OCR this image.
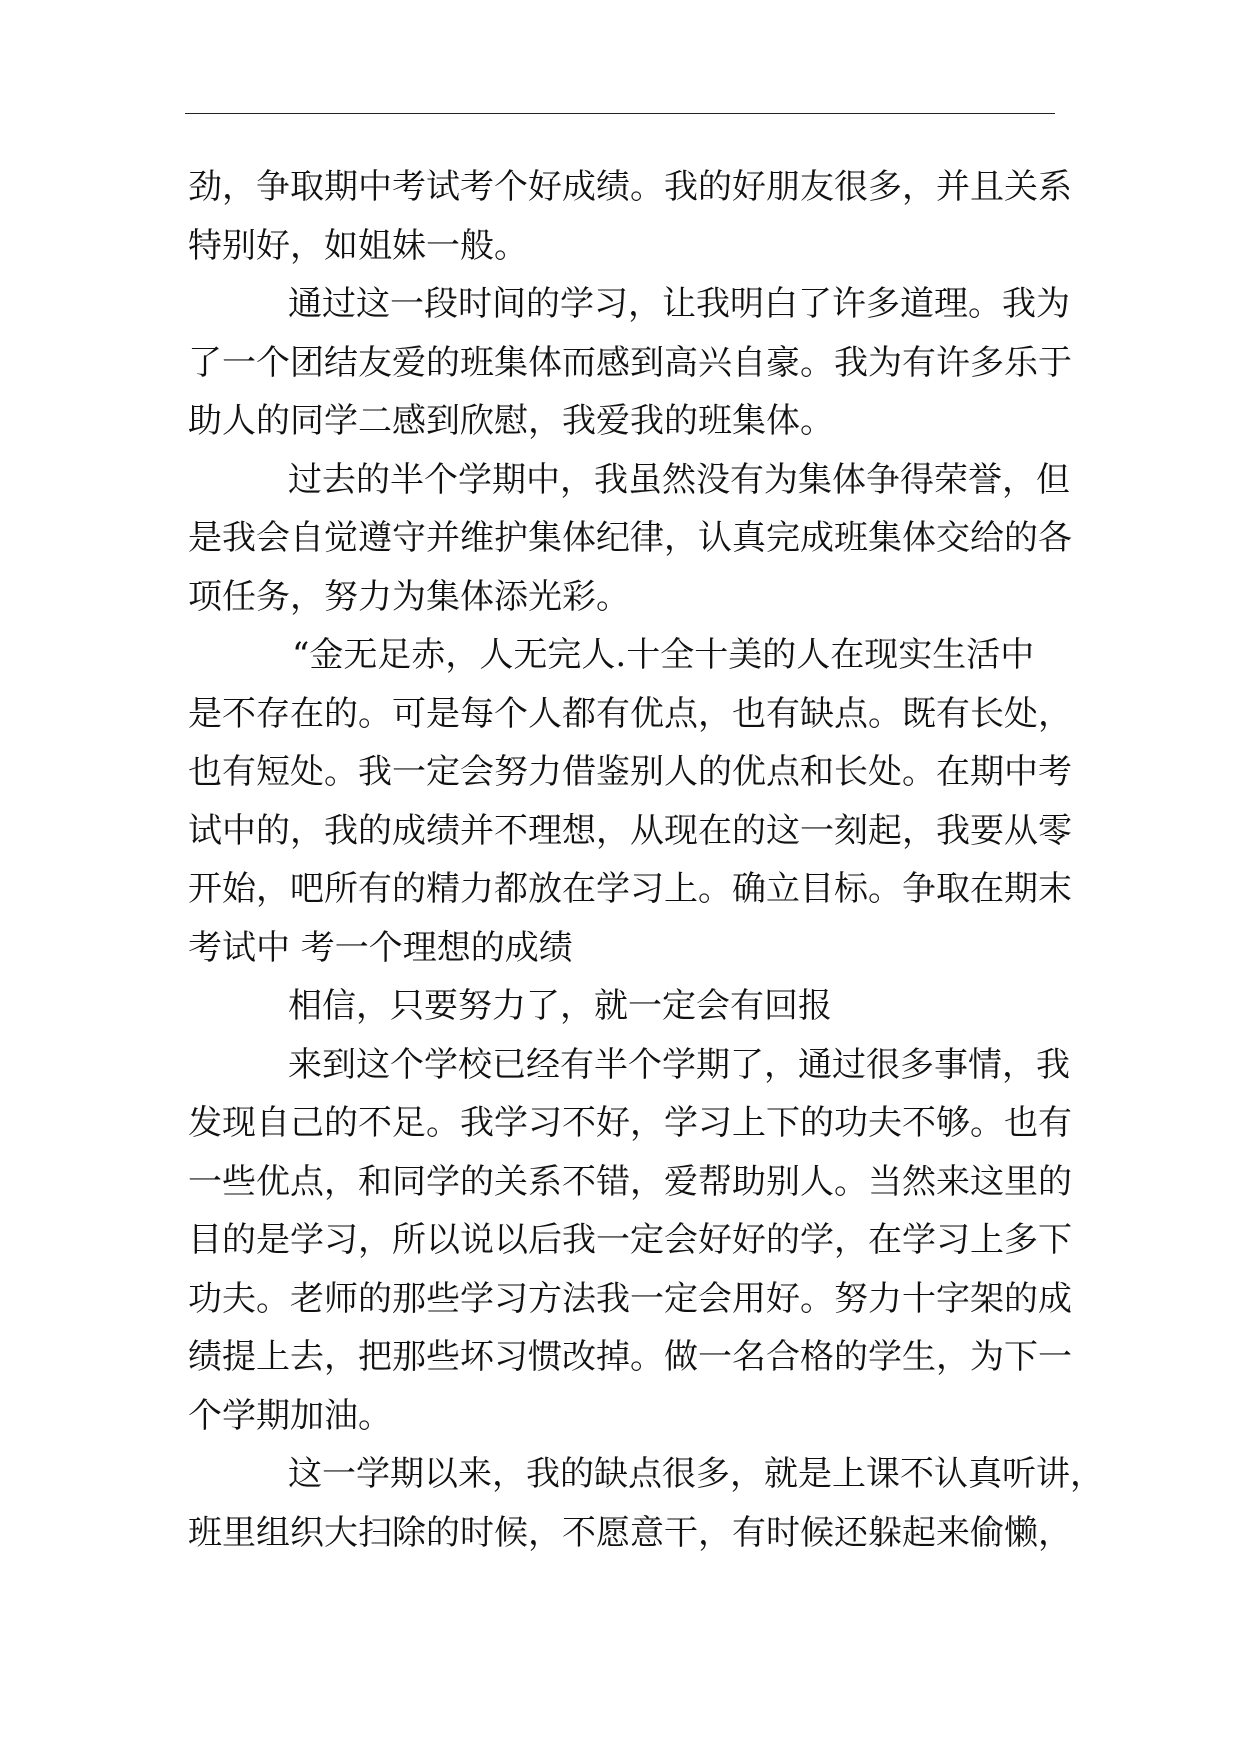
劲，争取期中考试考个好成绩。我的好朋友很多，并且关系
特别好，如姐妹一般。
通过这一段时间的学习，让我明白了许多道理。我为
了一个团结友爱的班集体而感到高兴自豪。我为有许多乐于
助人的同学二感到欣慰，我爱我的班集体。
过去的半个学期中，我虽然没有为集体争得荣誉，但
是我会自觉遵守并维护集体纪律，认真完成班集体交给的各
项任务，努力为集体添光彩。
“金无足赤，人无完人.十全十美的人在现实生活中
是不存在的。可是每个人都有优点，也有缺点。既有长处，
也有短处。我一定会努力借鉴别人的优点和长处。在期中考
试中的，我的成绩并不理想，从现在的这一刻起，我要从零
开始，吧所有的精力都放在学习上。确立目标。争取在期末
考试中 考一个理想的成绩
相信，只要努力了，就一定会有回报
来到这个学校已经有半个学期了，通过很多事情，我
发现自己的不足。我学习不好，学习上下的功夫不够。也有
一些优点，和同学的关系不错，爱帮助别人。当然来这里的
目的是学习，所以说以后我一定会好好的学，在学习上多下
功夫。老师的那些学习方法我一定会用好。努力十字架的成
绩提上去，把那些坏习惯改掉。做一名合格的学生，为下一
个学期加油。
这一学期以来，我的缺点很多，就是上课不认真听讲，
班里组织大扫除的时候，不愿意干，有时候还躲起来偷懒，
